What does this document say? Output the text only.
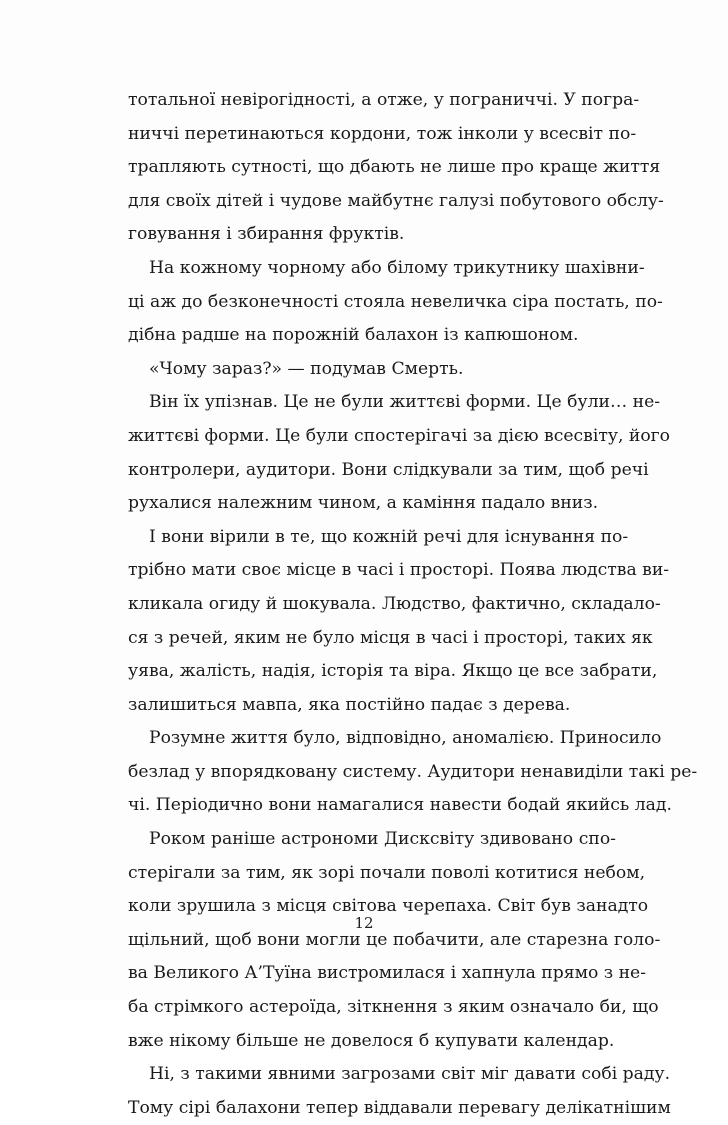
тотальної невірогідності, а отже, у пограниччі. У погра-
ниччі перетинаються кордони, тож інколи у всесвіт по-
трапляють сутності, що дбають не лише про краще життя
для своїх дітей і чудове майбутнє галузі побутового обслу-
говування і збирання фруктів.
На кожному чорному або білому трикутнику шахівни-
ці аж до безконечності стояла невеличка сіра постать, по-
дібна радше на порожній балахон із капюшоном.
«Чому зараз?» — подумав Смерть.
Він їх упізнав. Це не були життєві форми. Це були… не-
життєві форми. Це були спостерігачі за дією всесвіту, його
контролери, аудитори. Вони слідкували за тим, щоб речі
рухалися належним чином, а каміння падало вниз.
І вони вірили в те, що кожній речі для існування по-
трібно мати своє місце в часі і просторі. Поява людства ви-
кликала огиду й шокувала. Людство, фактично, складало-
ся з речей, яким не було місця в часі і просторі, таких як
уява, жалість, надія, історія та віра. Якщо це все забрати,
залишиться мавпа, яка постійно падає з дерева.
Розумне життя було, відповідно, аномалією. Приносило
безлад у впорядковану систему. Аудитори ненавиділи такі ре-
чі. Періодично вони намагалися навести бодай якийсь лад.
Роком раніше астрономи Дисксвіту здивовано спо-
стерігали за тим, як зорі почали поволі котитися небом,
коли зрушила з місця світова черепаха. Світ був занадто
щільний, щоб вони могли це побачити, але старезна голо-
ва Великого А’Туїна вистромилася і хапнула прямо з не-
ба стрімкого астероїда, зіткнення з яким означало би, що
вже нікому більше не довелося б купувати календар.
Ні, з такими явними загрозами світ міг давати собі раду.
Тому сірі балахони тепер віддавали перевагу делікатнішим
12
